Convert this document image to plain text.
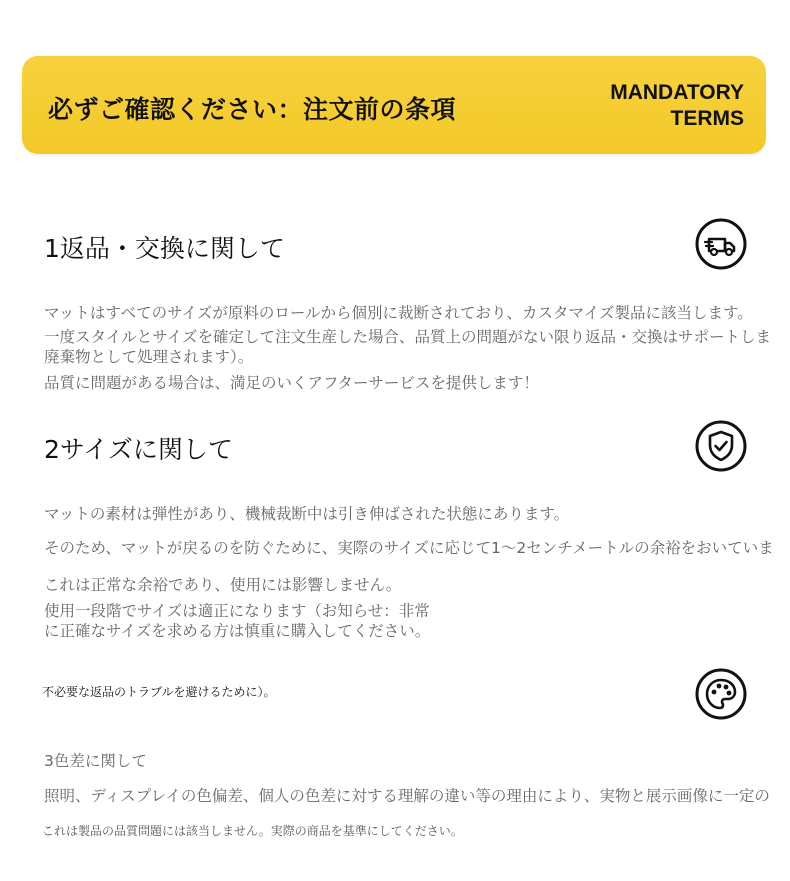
必ずご確認ください：注文前の条項
MANDATORY
TERMS
1返品・交換に関して
マットはすべてのサイズが原料のロールから個別に裁断されており、カスタマイズ製品に該当します。
一度スタイルとサイズを確定して注文生産した場合、品質上の問題がない限り返品・交換はサポートしま
廃棄物として処理されます）。
品質に問題がある場合は、満足のいくアフターサービスを提供します！
2サイズに関して
マットの素材は弾性があり、機械裁断中は引き伸ばされた状態にあります。
そのため、マットが戻るのを防ぐために、実際のサイズに応じて1〜2センチメートルの余裕をおいていま
これは正常な余裕であり、使用には影響しません。
使用一段階でサイズは適正になります（お知らせ：非常
に正確なサイズを求める方は慎重に購入してください。
不必要な返品のトラブルを避けるために）。
3色差に関して
照明、ディスプレイの色偏差、個人の色差に対する理解の違い等の理由により、実物と展示画像に一定の
これは製品の品質問題には該当しません。実際の商品を基準にしてください。
